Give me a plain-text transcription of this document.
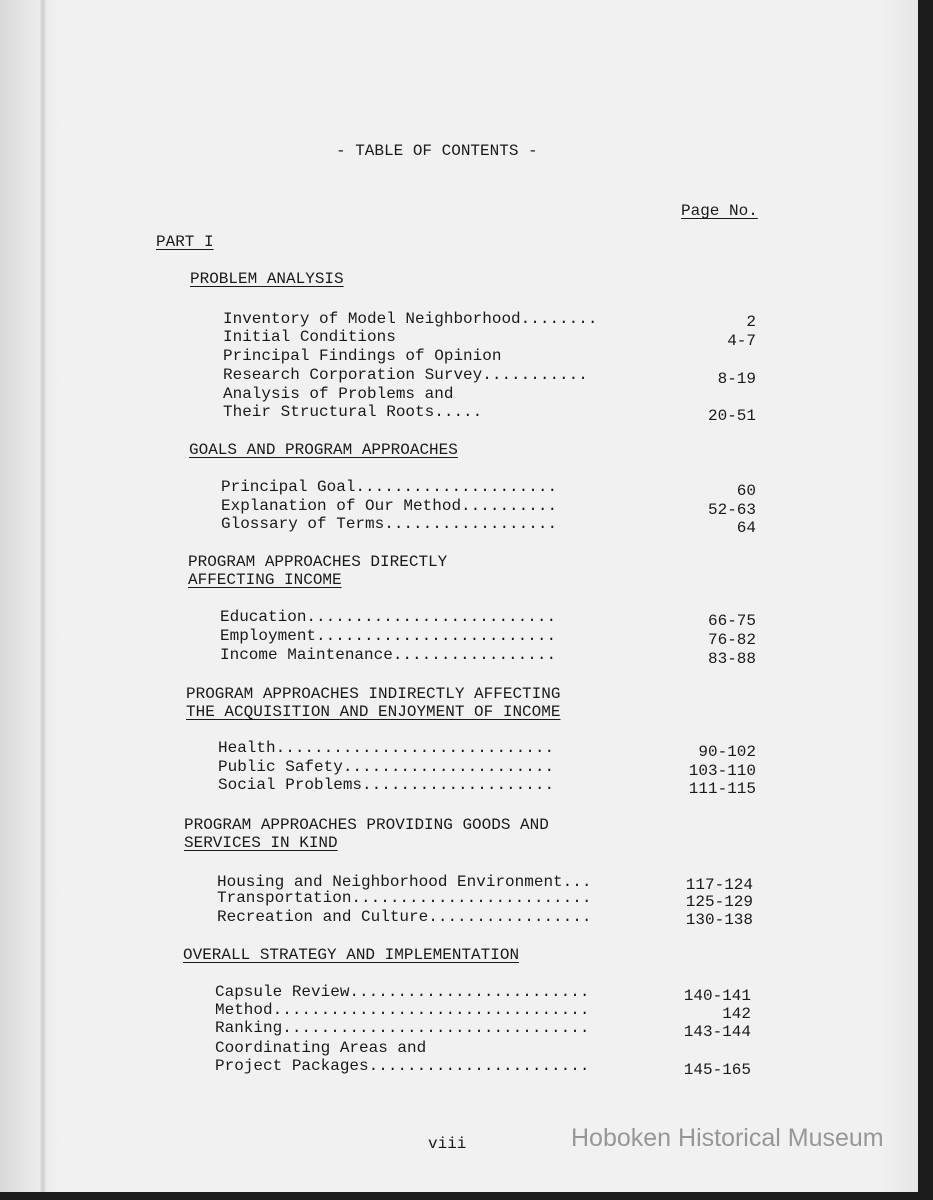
- TABLE OF CONTENTS -
Page No.
PART I
PROBLEM ANALYSIS
Inventory of Model Neighborhood........	2
Initial Conditions	4-7
Principal Findings of Opinion
Research Corporation Survey...........	8-19
Analysis of Problems and
Their Structural Roots.....	20-51
GOALS AND PROGRAM APPROACHES
Principal Goal.....................	60
Explanation of Our Method..........	52-63
Glossary of Terms..................	64
PROGRAM APPROACHES DIRECTLY
AFFECTING INCOME
Education..........................	66-75
Employment.........................	76-82
Income Maintenance.................	83-88
PROGRAM APPROACHES INDIRECTLY AFFECTING
THE ACQUISITION AND ENJOYMENT OF INCOME
Health.............................	90-102
Public Safety......................	103-110
Social Problems....................	111-115
PROGRAM APPROACHES PROVIDING GOODS AND
SERVICES IN KIND
Housing and Neighborhood Environment...	117-124
Transportation.........................	125-129
Recreation and Culture.................	130-138
OVERALL STRATEGY AND IMPLEMENTATION
Capsule Review.........................	140-141
Method.................................	142
Ranking................................	143-144
Coordinating Areas and
Project Packages.......................	145-165
viii	Hoboken Historical Museum
